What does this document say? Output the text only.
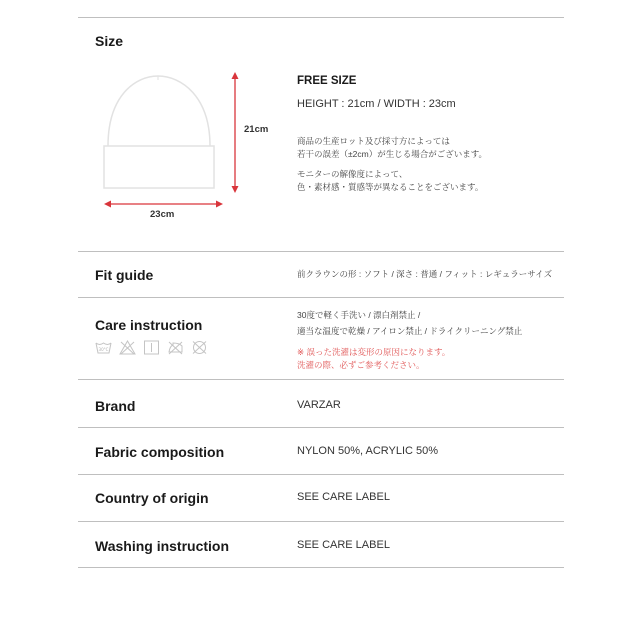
Size
21cm
23cm
FREE SIZE
HEIGHT : 21cm / WIDTH : 23cm
商品の生産ロット及び採寸方によっては
若干の誤差（±2cm）が生じる場合がございます。
モニターの解像度によって、
色・素材感・質感等が異なることをございます。
Fit guide	前クラウンの形 : ソフト / 深さ : 普通 / フィット : レギュラーサイズ
Care instruction
30°C
30度で軽く手洗い / 漂白剤禁止 /
適当な温度で乾燥 / アイロン禁止 / ドライクリーニング禁止
※ 誤った洗濯は変形の原因になります。
洗濯の際、必ずご参考ください。
Brand	VARZAR
Fabric composition	NYLON 50%, ACRYLIC 50%
Country of origin	SEE CARE LABEL
Washing instruction	SEE CARE LABEL
